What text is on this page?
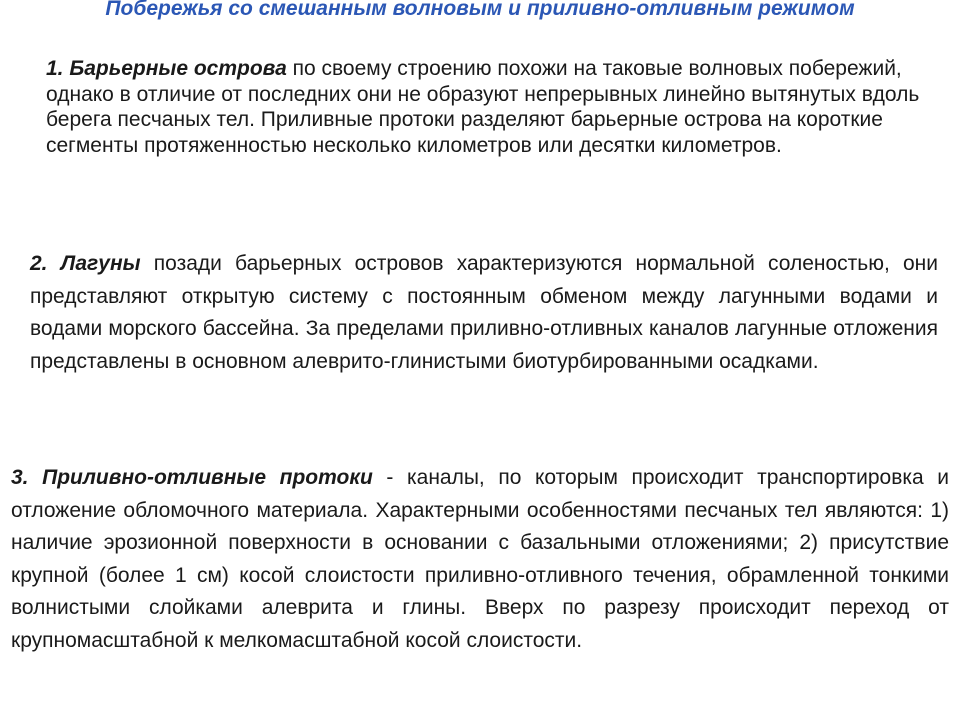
Побережья со смешанным волновым и приливно-отливным режимом

1. Барьерные острова по своему строению похожи на таковые волновых побережий, однако в отличие от последних они не образуют непрерывных линейно вытянутых вдоль берега песчаных тел. Приливные протоки разделяют барьерные острова на короткие сегменты протяженностью несколько километров или десятки километров.

2. Лагуны позади барьерных островов характеризуются нормальной соленостью, они представляют открытую систему с постоянным обменом между лагунными водами и водами морского бассейна. За пределами приливно-отливных каналов лагунные отложения представлены в основном алеврито-глинистыми биотурбированными осадками.

3. Приливно-отливные протоки - каналы, по которым происходит транспортировка и отложение обломочного материала. Характерными особенностями песчаных тел являются: 1) наличие эрозионной поверхности в основании с базальными отложениями; 2) присутствие крупной (более 1 см) косой слоистости приливно-отливного течения, обрамленной тонкими волнистыми слойками алеврита и глины. Вверх по разрезу происходит переход от крупномасштабной к мелкомасштабной косой слоистости.
